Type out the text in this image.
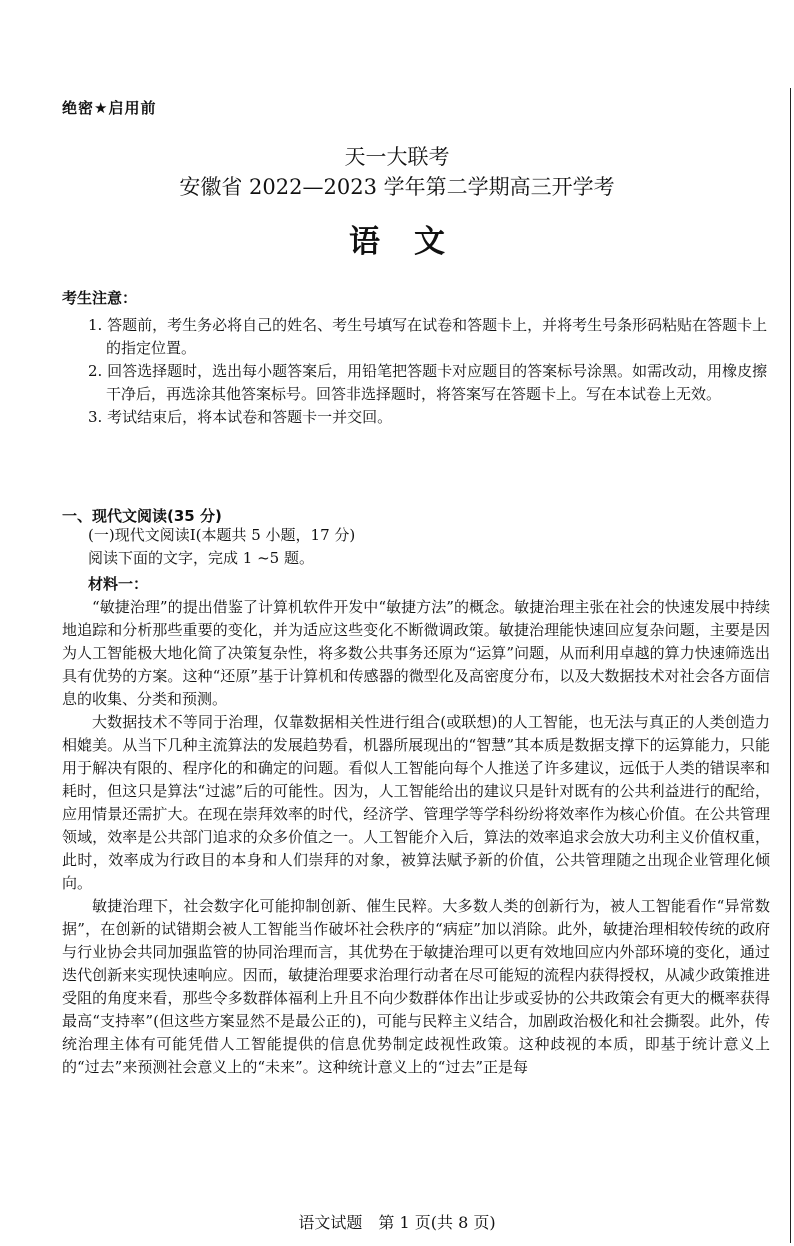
绝密★启用前
天一大联考
安徽省 2022—2023 学年第二学期高三开学考
语文
考生注意：

1. 答题前，考生务必将自己的姓名、考生号填写在试卷和答题卡上，并将考生号条形码粘贴在答题卡上的指定位置。

2. 回答选择题时，选出每小题答案后，用铅笔把答题卡对应题目的答案标号涂黑。如需改动，用橡皮擦干净后，再选涂其他答案标号。回答非选择题时，将答案写在答题卡上。写在本试卷上无效。

3. 考试结束后，将本试卷和答题卡一并交回。

一、现代文阅读(35 分)
(一)现代文阅读Ⅰ(本题共 5 小题，17 分)
阅读下面的文字，完成 1 ~5 题。
材料一：

“敏捷治理”的提出借鉴了计算机软件开发中“敏捷方法”的概念。敏捷治理主张在社会的快速发展中持续地追踪和分析那些重要的变化，并为适应这些变化不断微调政策。敏捷治理能快速回应复杂问题，主要是因为人工智能极大地化简了决策复杂性，将多数公共事务还原为“运算”问题，从而利用卓越的算力快速筛选出具有优势的方案。这种“还原”基于计算机和传感器的微型化及高密度分布，以及大数据技术对社会各方面信息的收集、分类和预测。

大数据技术不等同于治理，仅靠数据相关性进行组合(或联想)的人工智能，也无法与真正的人类创造力相媲美。从当下几种主流算法的发展趋势看，机器所展现出的“智慧”其本质是数据支撑下的运算能力，只能用于解决有限的、程序化的和确定的问题。看似人工智能向每个人推送了许多建议，远低于人类的错误率和耗时，但这只是算法“过滤”后的可能性。因为，人工智能给出的建议只是针对既有的公共利益进行的配给，应用情景还需扩大。在现在崇拜效率的时代，经济学、管理学等学科纷纷将效率作为核心价值。在公共管理领域，效率是公共部门追求的众多价值之一。人工智能介入后，算法的效率追求会放大功利主义价值权重，此时，效率成为行政目的本身和人们崇拜的对象，被算法赋予新的价值，公共管理随之出现企业管理化倾向。

敏捷治理下，社会数字化可能抑制创新、催生民粹。大多数人类的创新行为，被人工智能看作“异常数据”，在创新的试错期会被人工智能当作破坏社会秩序的“病症”加以消除。此外，敏捷治理相较传统的政府与行业协会共同加强监管的协同治理而言，其优势在于敏捷治理可以更有效地回应内外部环境的变化，通过迭代创新来实现快速响应。因而，敏捷治理要求治理行动者在尽可能短的流程内获得授权，从减少政策推进受阻的角度来看，那些令多数群体福利上升且不向少数群体作出让步或妥协的公共政策会有更大的概率获得最高“支持率”(但这些方案显然不是最公正的)，可能与民粹主义结合，加剧政治极化和社会撕裂。此外，传统治理主体有可能凭借人工智能提供的信息优势制定歧视性政策。这种歧视的本质，即基于统计意义上的“过去”来预测社会意义上的“未来”。这种统计意义上的“过去”正是每

语文试题　第 1 页(共 8 页)
